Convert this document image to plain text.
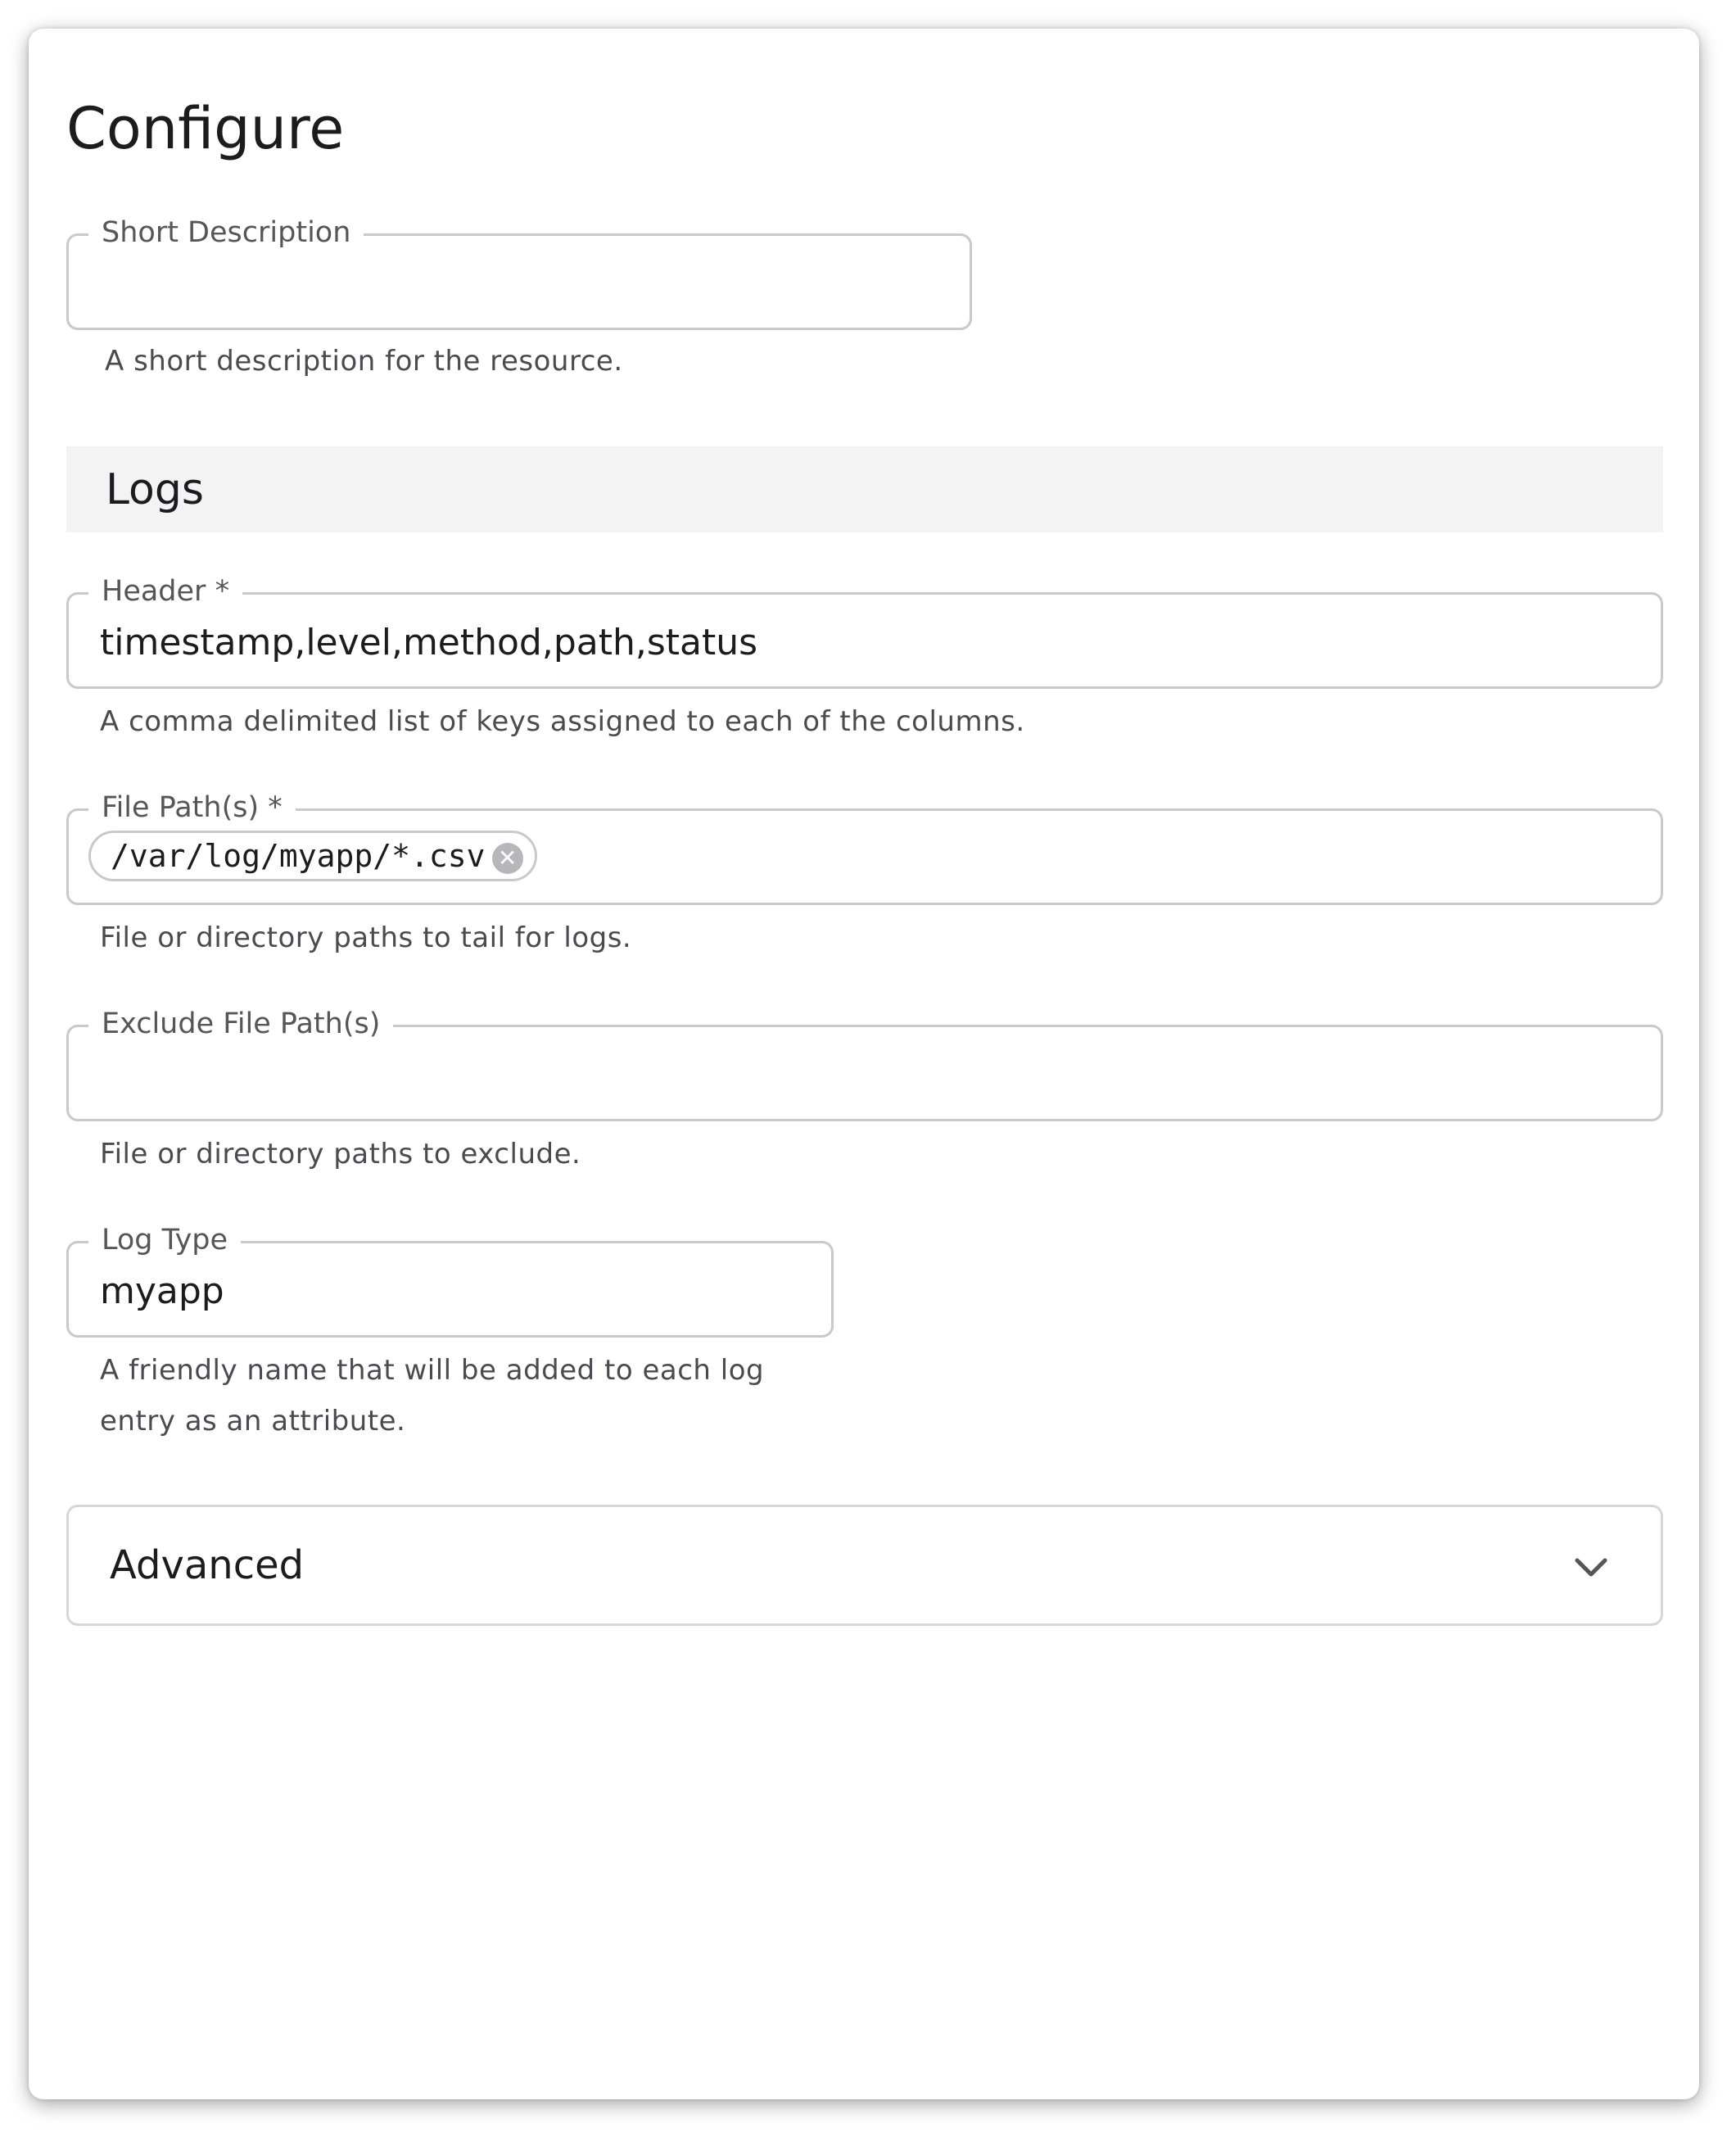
Configure
Short Description
A short description for the resource.
Logs
Header *
timestamp,level,method,path,status
A comma delimited list of keys assigned to each of the columns.
File Path(s) *
/var/log/myapp/*.csv ✕
File or directory paths to tail for logs.
Exclude File Path(s)
File or directory paths to exclude.
Log Type
myapp
A friendly name that will be added to each log
entry as an attribute.
Advanced
